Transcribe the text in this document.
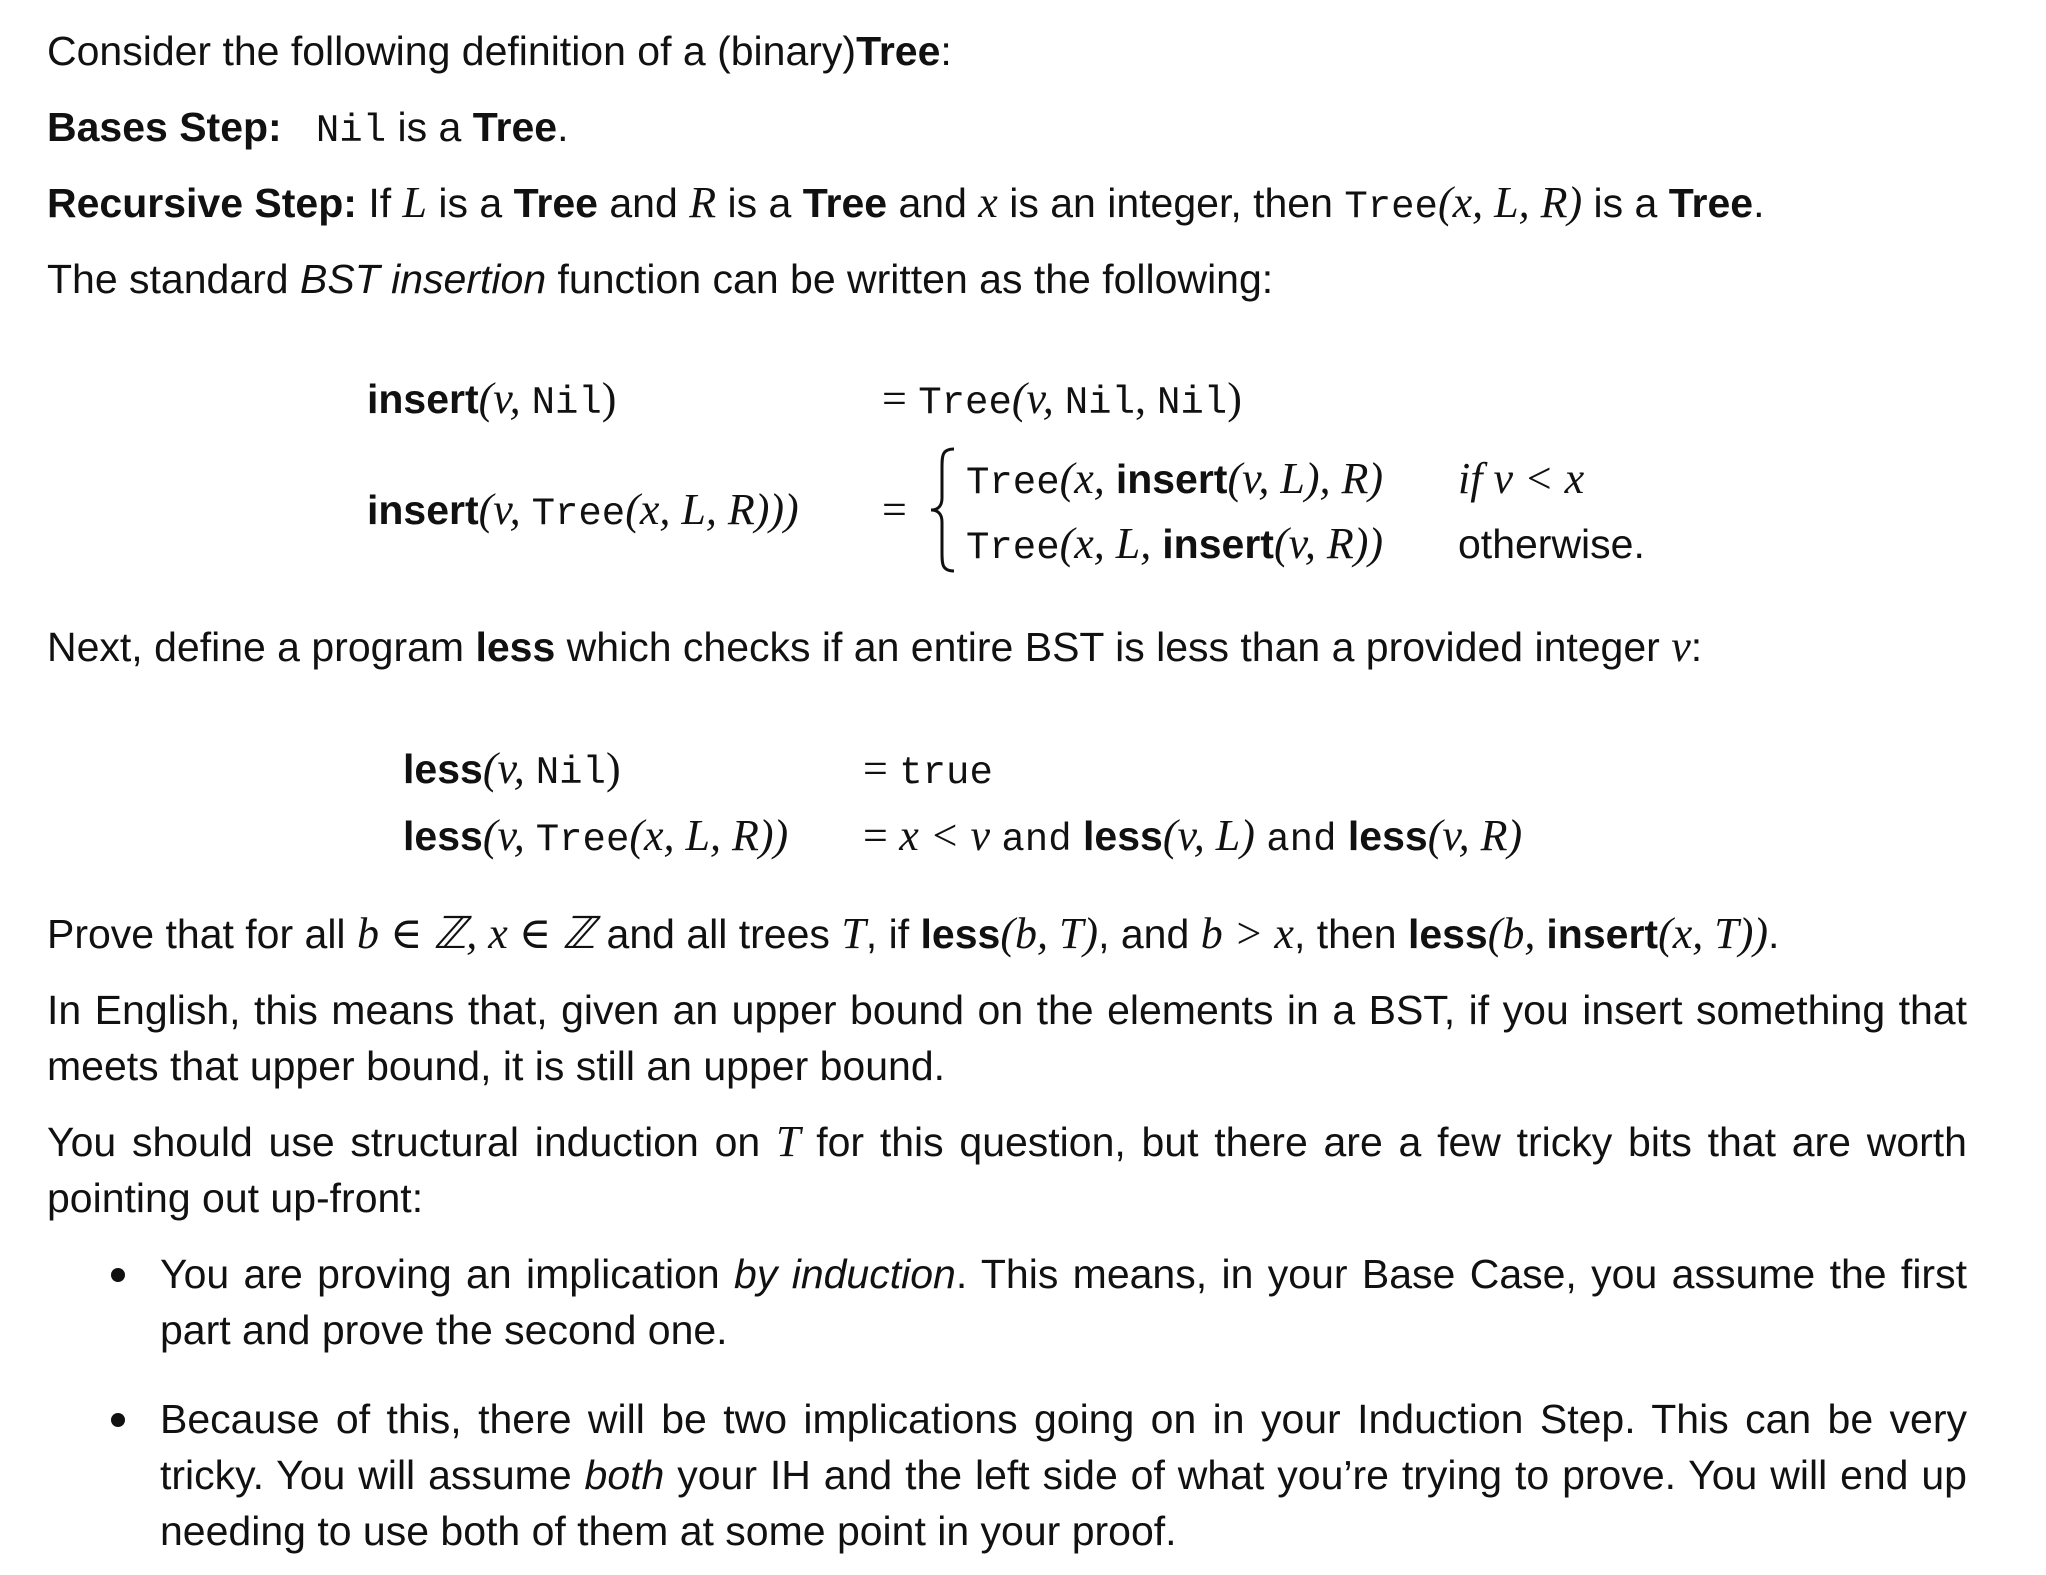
Consider the following definition of a (binary)Tree:
Bases Step: Nil is a Tree.
Recursive Step: If L is a Tree and R is a Tree and x is an integer, then Tree(x, L, R) is a Tree.
The standard BST insertion function can be written as the following:
insert(v, Nil)	= Tree(v, Nil, Nil)
insert(v, Tree(x, L, R))) =
Tree(x, insert(v, L), R) if v < x
Tree(x, L, insert(v, R)) otherwise.
Next, define a program less which checks if an entire BST is less than a provided integer v:
less(v, Nil)	= true
less(v, Tree(x, L, R)) = x < v and less(v, L) and less(v, R)
Prove that for all b ∈ ℤ, x ∈ ℤ and all trees T, if less(b, T), and b > x, then less(b, insert(x, T)).
In English, this means that, given an upper bound on the elements in a BST, if you insert something that meets that upper bound, it is still an upper bound.
You should use structural induction on T for this question, but there are a few tricky bits that are worth pointing out up-front:
You are proving an implication by induction. This means, in your Base Case, you assume the first part and prove the second one.
Because of this, there will be two implications going on in your Induction Step. This can be very tricky. You will assume both your IH and the left side of what you’re trying to prove. You will end up needing to use both of them at some point in your proof.
